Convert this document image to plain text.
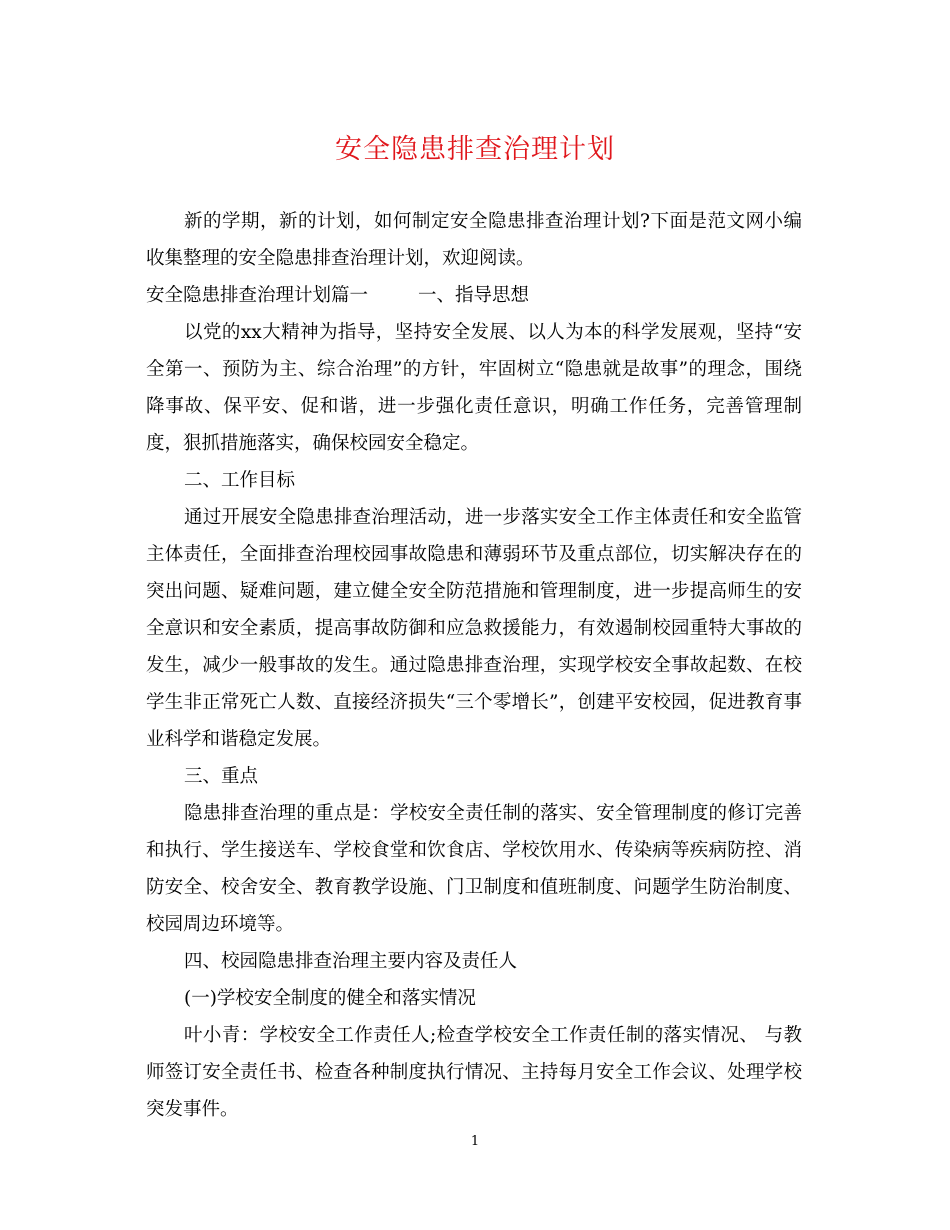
安全隐患排查治理计划

新的学期，新的计划，如何制定安全隐患排查治理计划?下面是范文网小编收集整理的安全隐患排查治理计划，欢迎阅读。

安全隐患排查治理计划篇一	一、指导思想

以党的xx大精神为指导，坚持安全发展、以人为本的科学发展观，坚持“安全第一、预防为主、综合治理”的方针，牢固树立“隐患就是故事”的理念，围绕降事故、保平安、促和谐，进一步强化责任意识，明确工作任务，完善管理制度，狠抓措施落实，确保校园安全稳定。

二、工作目标

通过开展安全隐患排查治理活动，进一步落实安全工作主体责任和安全监管主体责任，全面排查治理校园事故隐患和薄弱环节及重点部位，切实解决存在的突出问题、疑难问题，建立健全安全防范措施和管理制度，进一步提高师生的安全意识和安全素质，提高事故防御和应急救援能力，有效遏制校园重特大事故的发生，减少一般事故的发生。通过隐患排查治理，实现学校安全事故起数、在校学生非正常死亡人数、直接经济损失“三个零增长”，创建平安校园，促进教育事业科学和谐稳定发展。

三、重点

隐患排查治理的重点是：学校安全责任制的落实、安全管理制度的修订完善和执行、学生接送车、学校食堂和饮食店、学校饮用水、传染病等疾病防控、消防安全、校舍安全、教育教学设施、门卫制度和值班制度、问题学生防治制度、校园周边环境等。

四、校园隐患排查治理主要内容及责任人

(一)学校安全制度的健全和落实情况

叶小青：学校安全工作责任人;检查学校安全工作责任制的落实情况、 与教师签订安全责任书、检查各种制度执行情况、主持每月安全工作会议、处理学校突发事件。

1
